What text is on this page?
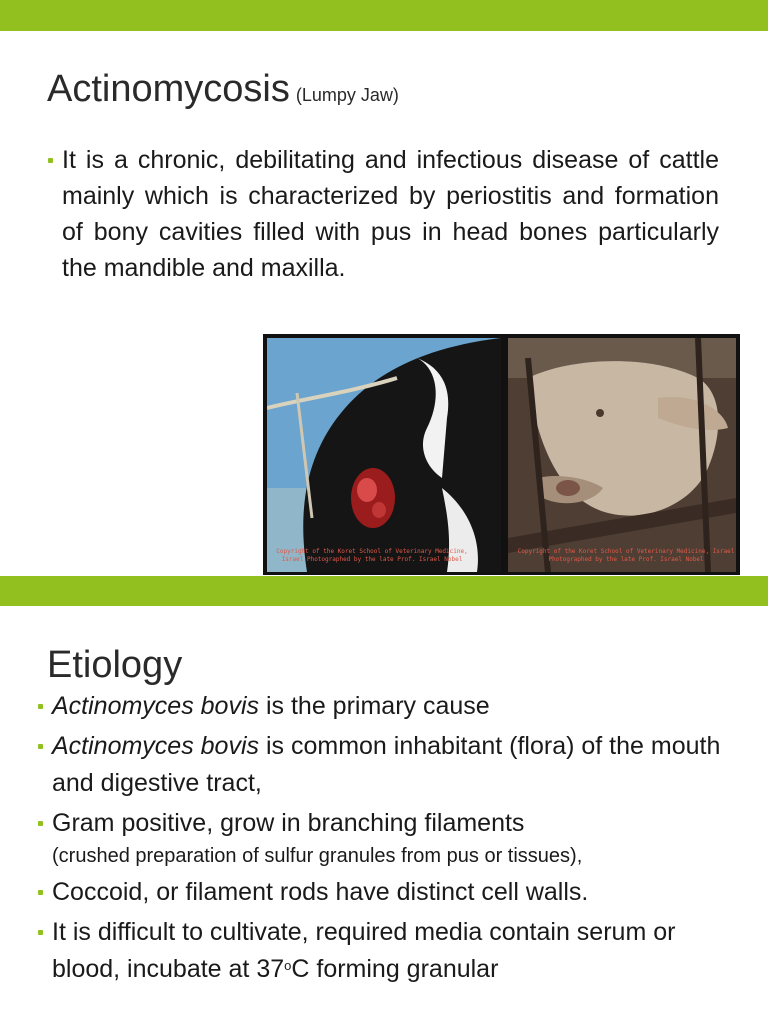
Actinomycosis (Lumpy Jaw)
It is a chronic, debilitating and infectious disease of cattle mainly which is characterized by periostitis and formation of bony cavities filled with pus in head bones particularly the mandible and maxilla.
Copyright of the Koret School of Veterinary Medicine, Israel Photographed by the late Prof. Israel Nobel
Copyright of the Koret School of Veterinary Medicine, Israel Photographed by the late Prof. Israel Nobel
Etiology
Actinomyces bovis is the primary cause
Actinomyces bovis is common inhabitant (flora) of the mouth and digestive tract,
Gram positive, grow in branching filaments
(crushed preparation of sulfur granules from pus or tissues),
Coccoid, or filament rods have distinct cell walls.
It is difficult to cultivate, required media contain serum or blood, incubate at 37$^o$C forming granular
